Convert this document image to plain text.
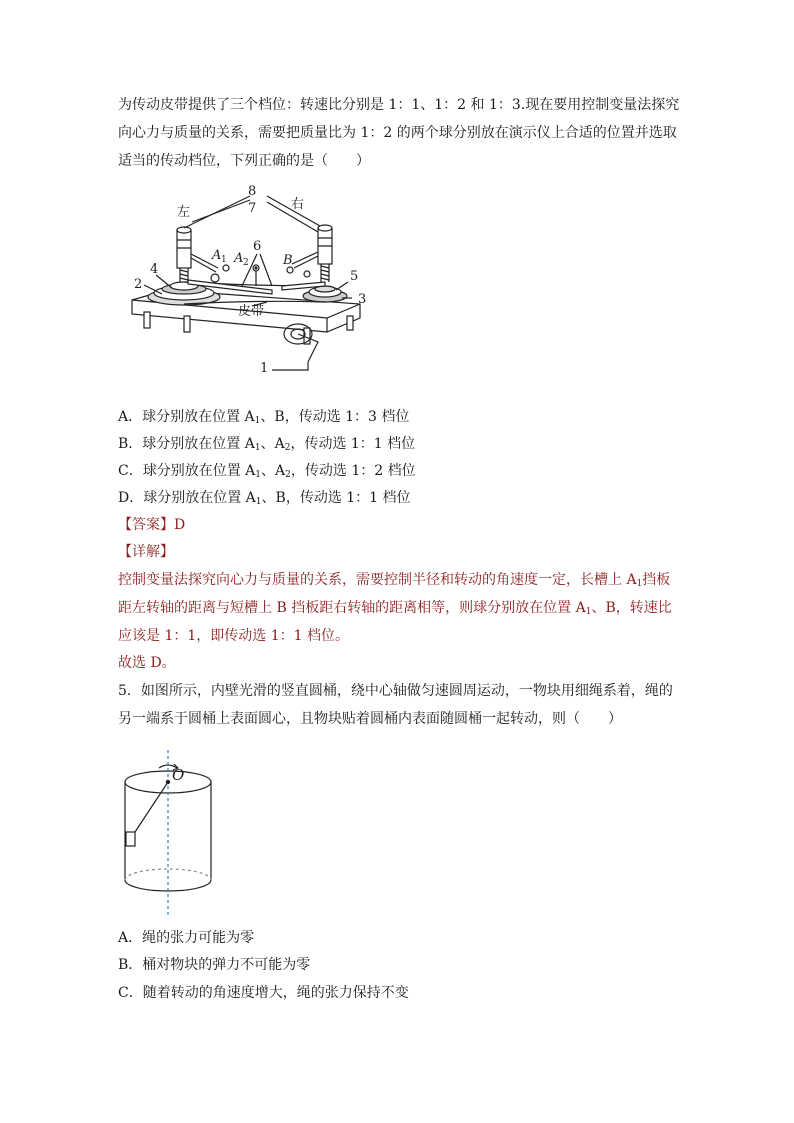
为传动皮带提供了三个档位：转速比分别是 1：1、1：2 和 1：3.现在要用控制变量法探究
向心力与质量的关系，需要把质量比为 1：2 的两个球分别放在演示仪上合适的位置并选取
适当的传动档位，下列正确的是（　　）
8
7
6
左
右
4
2
5
3
皮带
1
A 1 A 2	B
A．球分别放在位置 $A_1$、B，传动选 1：3 档位
B．球分别放在位置 $A_1$、$A_2$，传动选 1：1 档位
C．球分别放在位置 $A_1$、$A_2$，传动选 1：2 档位
D．球分别放在位置 $A_1$、B，传动选 1：1 档位
【答案】D
【详解】
控制变量法探究向心力与质量的关系，需要控制半径和转动的角速度一定，长槽上 $A_1$挡板
距左转轴的距离与短槽上 B 挡板距右转轴的距离相等，则球分别放在位置 $A_1$、B，转速比
应该是 1：1，即传动选 1：1 档位。
故选 D。
5．如图所示，内壁光滑的竖直圆桶，绕中心轴做匀速圆周运动，一物块用细绳系着，绳的
另一端系于圆桶上表面圆心，且物块贴着圆桶内表面随圆桶一起转动，则（　　）
O
A．绳的张力可能为零
B．桶对物块的弹力不可能为零
C．随着转动的角速度增大，绳的张力保持不变
